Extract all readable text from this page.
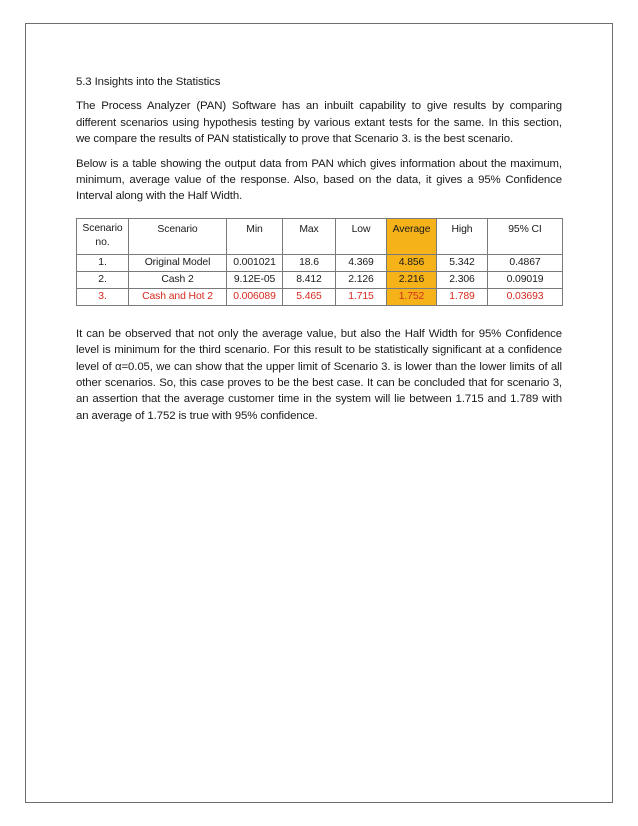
5.3 Insights into the Statistics

The Process Analyzer (PAN) Software has an inbuilt capability to give results by comparing different scenarios using hypothesis testing by various extant tests for the same. In this section, we compare the results of PAN statistically to prove that Scenario 3. is the best scenario.

Below is a table showing the output data from PAN which gives information about the maximum, minimum, average value of the response. Also, based on the data, it gives a 95% Confidence Interval along with the Half Width.

Scenario no.	Scenario	Min	Max	Low	Average	High	95% CI
1.	Original Model	0.001021	18.6	4.369	4.856	5.342	0.4867
2.	Cash 2	9.12E-05	8.412	2.126	2.216	2.306	0.09019
3.	Cash and Hot 2	0.006089	5.465	1.715	1.752	1.789	0.03693

It can be observed that not only the average value, but also the Half Width for 95% Confidence level is minimum for the third scenario. For this result to be statistically significant at a confidence level of α=0.05, we can show that the upper limit of Scenario 3. is lower than the lower limits of all other scenarios. So, this case proves to be the best case. It can be concluded that for scenario 3, an assertion that the average customer time in the system will lie between 1.715 and 1.789 with an average of 1.752 is true with 95% confidence.
